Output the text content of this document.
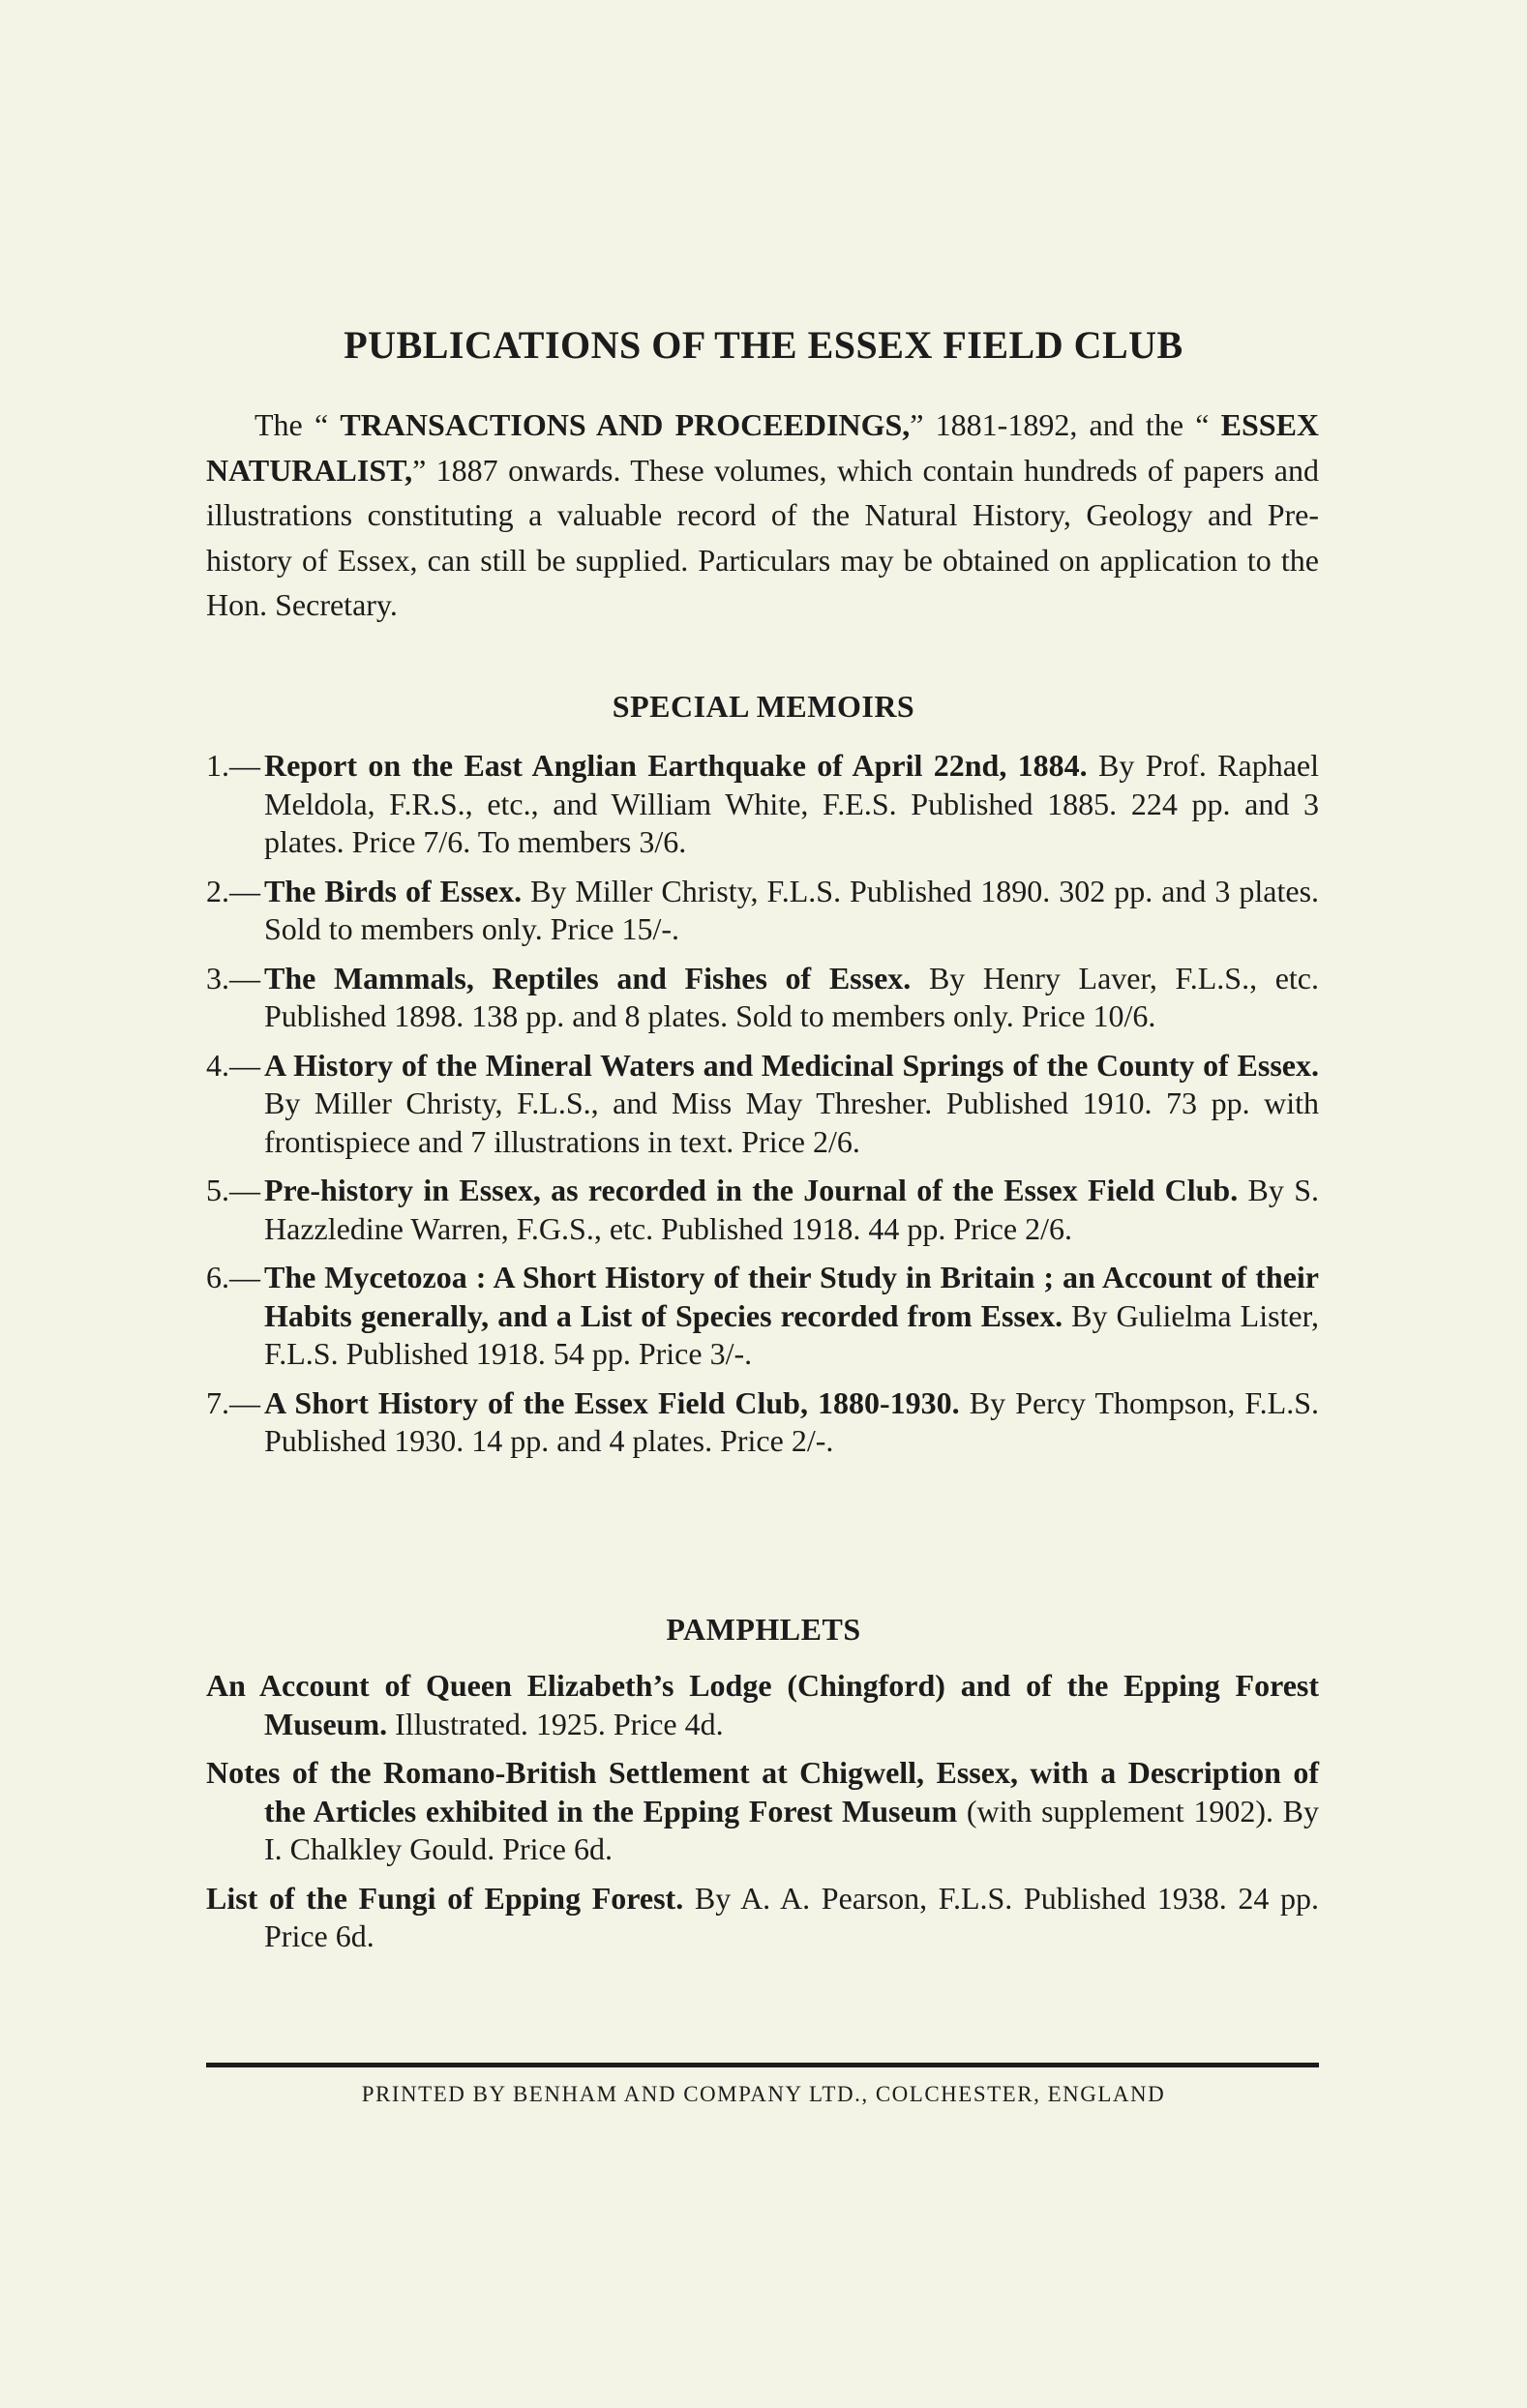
PUBLICATIONS OF THE ESSEX FIELD CLUB

The “ TRANSACTIONS AND PROCEEDINGS,” 1881-1892, and the “ ESSEX NATURALIST,” 1887 onwards. These volumes, which contain hundreds of papers and illustrations constituting a valuable record of the Natural History, Geology and Pre-history of Essex, can still be supplied. Particulars may be obtained on application to the Hon. Secretary.

SPECIAL MEMOIRS
1.— Report on the East Anglian Earthquake of April 22nd, 1884. By Prof. Raphael Meldola, F.R.S., etc., and William White, F.E.S. Published 1885. 224 pp. and 3 plates. Price 7/6. To members 3/6.
2.— The Birds of Essex. By Miller Christy, F.L.S. Published 1890. 302 pp. and 3 plates. Sold to members only. Price 15/-.
3.— The Mammals, Reptiles and Fishes of Essex. By Henry Laver, F.L.S., etc. Published 1898. 138 pp. and 8 plates. Sold to members only. Price 10/6.
4.— A History of the Mineral Waters and Medicinal Springs of the County of Essex. By Miller Christy, F.L.S., and Miss May Thresher. Published 1910. 73 pp. with frontispiece and 7 illustrations in text. Price 2/6.
5.— Pre-history in Essex, as recorded in the Journal of the Essex Field Club. By S. Hazzledine Warren, F.G.S., etc. Published 1918. 44 pp. Price 2/6.
6.— The Mycetozoa : A Short History of their Study in Britain ; an Account of their Habits generally, and a List of Species recorded from Essex. By Gulielma Lister, F.L.S. Published 1918. 54 pp. Price 3/-.
7.— A Short History of the Essex Field Club, 1880-1930. By Percy Thompson, F.L.S. Published 1930. 14 pp. and 4 plates. Price 2/-.
PAMPHLETS
An Account of Queen Elizabeth’s Lodge (Chingford) and of the Epping Forest Museum. Illustrated. 1925. Price 4d.
Notes of the Romano-British Settlement at Chigwell, Essex, with a Description of the Articles exhibited in the Epping Forest Museum (with supplement 1902). By I. Chalkley Gould. Price 6d.
List of the Fungi of Epping Forest. By A. A. Pearson, F.L.S. Published 1938. 24 pp. Price 6d.

PRINTED BY BENHAM AND COMPANY LTD., COLCHESTER, ENGLAND
